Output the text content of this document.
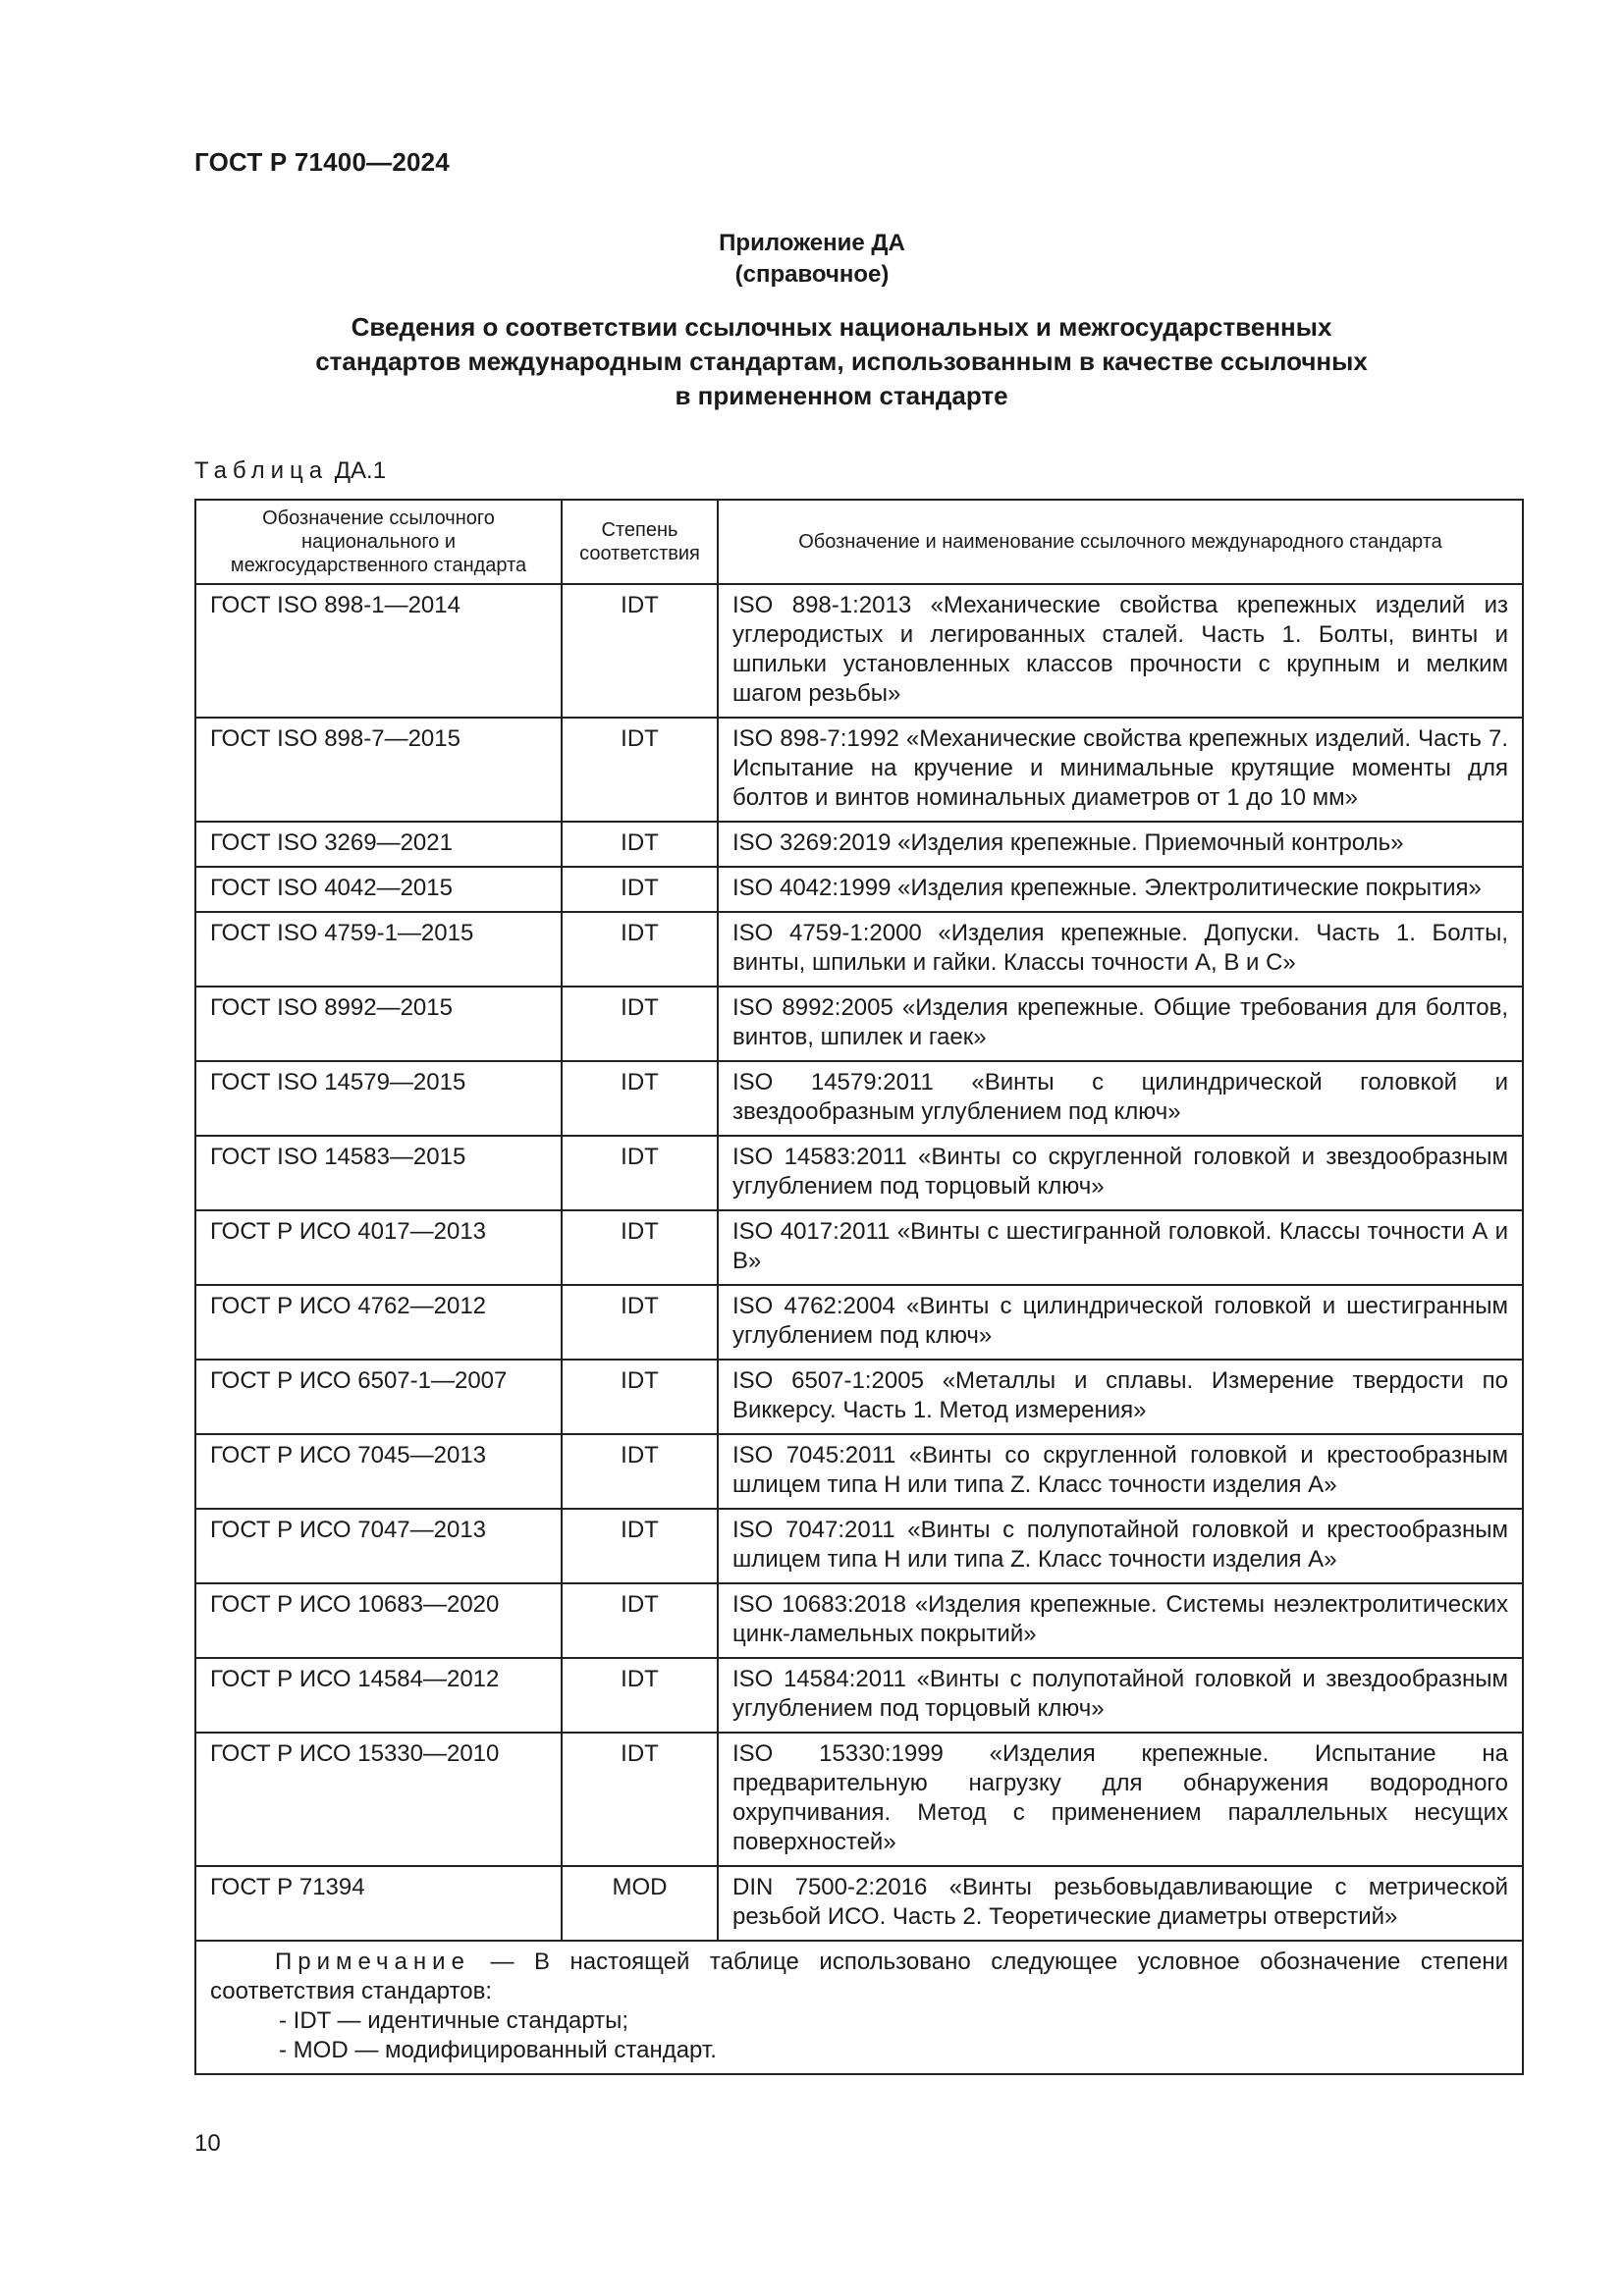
ГОСТ Р 71400—2024
Приложение ДА
(справочное)
Сведения о соответствии ссылочных национальных и межгосударственных
стандартов международным стандартам, использованным в качестве ссылочных
в примененном стандарте
Таблица ДА.1
Обозначение ссылочного национального и межгосударственного стандарта	Степень соответствия	Обозначение и наименование ссылочного международного стандарта
ГОСТ ISO 898-1—2014	IDT	ISO 898-1:2013 «Механические свойства крепежных изделий из углеродистых и легированных сталей. Часть 1. Болты, винты и шпильки установленных классов прочности с крупным и мелким шагом резьбы»
ГОСТ ISO 898-7—2015	IDT	ISO 898-7:1992 «Механические свойства крепежных изделий. Часть 7. Испытание на кручение и минимальные крутящие моменты для болтов и винтов номинальных диаметров от 1 до 10 мм»
ГОСТ ISO 3269—2021	IDT	ISO 3269:2019 «Изделия крепежные. Приемочный контроль»
ГОСТ ISO 4042—2015	IDT	ISO 4042:1999 «Изделия крепежные. Электролитические покрытия»
ГОСТ ISO 4759-1—2015	IDT	ISO 4759-1:2000 «Изделия крепежные. Допуски. Часть 1. Болты, винты, шпильки и гайки. Классы точности А, В и С»
ГОСТ ISO 8992—2015	IDT	ISO 8992:2005 «Изделия крепежные. Общие требования для болтов, винтов, шпилек и гаек»
ГОСТ ISO 14579—2015	IDT	ISO 14579:2011 «Винты с цилиндрической головкой и звездообразным углублением под ключ»
ГОСТ ISO 14583—2015	IDT	ISO 14583:2011 «Винты со скругленной головкой и звездообразным углублением под торцовый ключ»
ГОСТ Р ИСО 4017—2013	IDT	ISO 4017:2011 «Винты с шестигранной головкой. Классы точности А и В»
ГОСТ Р ИСО 4762—2012	IDT	ISO 4762:2004 «Винты с цилиндрической головкой и шестигранным углублением под ключ»
ГОСТ Р ИСО 6507-1—2007	IDT	ISO 6507-1:2005 «Металлы и сплавы. Измерение твердости по Виккерсу. Часть 1. Метод измерения»
ГОСТ Р ИСО 7045—2013	IDT	ISO 7045:2011 «Винты со скругленной головкой и крестообразным шлицем типа Н или типа Z. Класс точности изделия А»
ГОСТ Р ИСО 7047—2013	IDT	ISO 7047:2011 «Винты с полупотайной головкой и крестообразным шлицем типа Н или типа Z. Класс точности изделия А»
ГОСТ Р ИСО 10683—2020	IDT	ISO 10683:2018 «Изделия крепежные. Системы неэлектролитических цинк-ламельных покрытий»
ГОСТ Р ИСО 14584—2012	IDT	ISO 14584:2011 «Винты с полупотайной головкой и звездообразным углублением под торцовый ключ»
ГОСТ Р ИСО 15330—2010	IDT	ISO 15330:1999 «Изделия крепежные. Испытание на предварительную нагрузку для обнаружения водородного охрупчивания. Метод с применением параллельных несущих поверхностей»
ГОСТ Р 71394	MOD	DIN 7500-2:2016 «Винты резьбовыдавливающие с метрической резьбой ИСО. Часть 2. Теоретические диаметры отверстий»

Примечание — В настоящей таблице использовано следующее условное обозначение степени соответствия стандартов:
- IDT — идентичные стандарты;
- MOD — модифицированный стандарт.		
10
